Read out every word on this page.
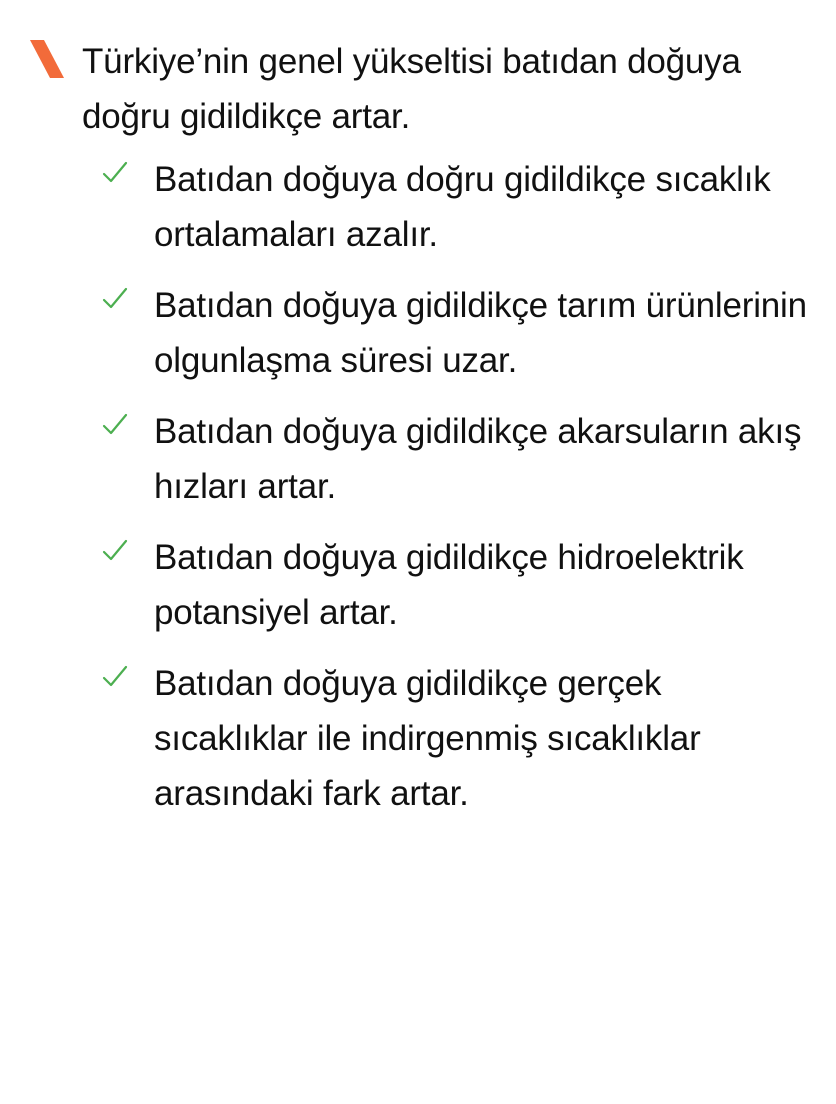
Türkiye’nin genel yükseltisi batıdan doğuya doğru gidildikçe artar.

Batıdan doğuya doğru gidildikçe sıcaklık ortalamaları azalır.
Batıdan doğuya gidildikçe tarım ürünlerinin olgunlaşma süresi uzar.
Batıdan doğuya gidildikçe akarsuların akış hızları artar.
Batıdan doğuya gidildikçe hidroelektrik potansiyel artar.
Batıdan doğuya gidildikçe gerçek sıcaklıklar ile indirgenmiş sıcaklıklar arasındaki fark artar.
